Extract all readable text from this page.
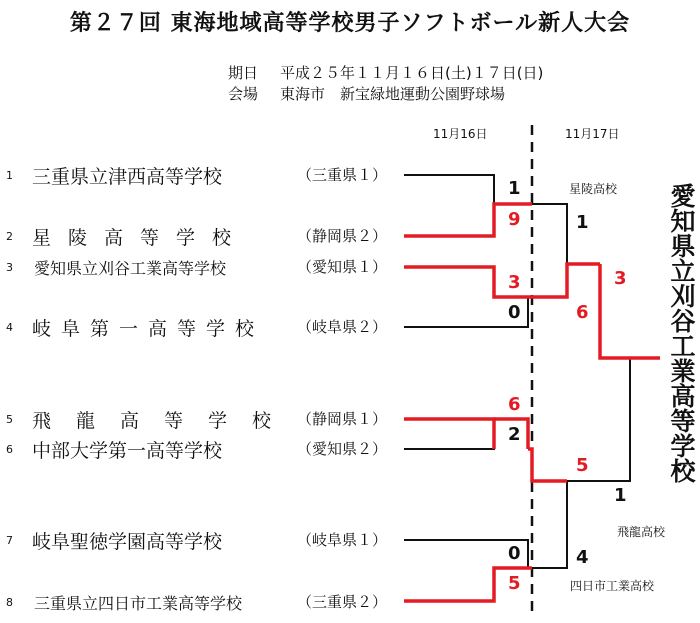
第２７回 東海地域高等学校男子ソフトボール新人大会
期日 平成２５年１１月１６日(土)１７日(日)
会場 東海市　新宝緑地運動公園野球場
11月16日	11月17日
1 三重県立津西高等学校	（三重県１）
2 星陵高等学校	（静岡県２）
3 愛知県立刈谷工業高等学校	（愛知県１）
4 岐阜第一高等学校 （岐阜県２）
5 飛龍高等学校 （静岡県１）
6 中部大学第一高等学校	（愛知県２）
7 岐阜聖徳学園高等学校	（岐阜県１）
8 三重県立四日市工業高等学校	（三重県２）
1
9
3
0
6
2
0
5
1
6
5
4
3
1
星陵高校
飛龍高校
四日市工業高校
愛知県立刈谷工業高等学校
